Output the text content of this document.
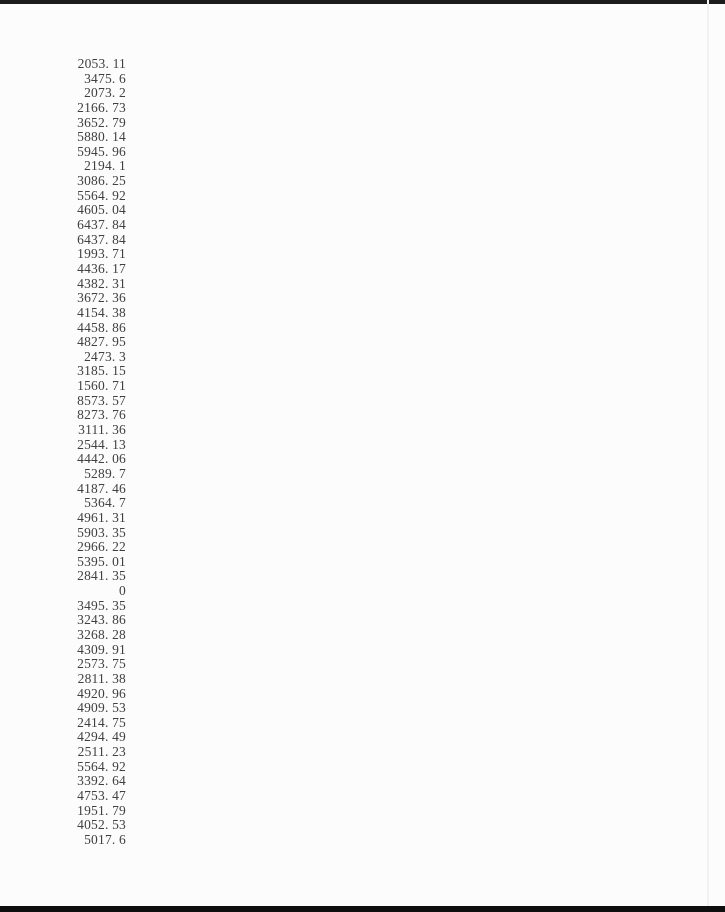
2053. 11
3475. 6
2073. 2
2166. 73
3652. 79
5880. 14
5945. 96
2194. 1
3086. 25
5564. 92
4605. 04
6437. 84
6437. 84
1993. 71
4436. 17
4382. 31
3672. 36
4154. 38
4458. 86
4827. 95
2473. 3
3185. 15
1560. 71
8573. 57
8273. 76
3111. 36
2544. 13
4442. 06
5289. 7
4187. 46
5364. 7
4961. 31
5903. 35
2966. 22
5395. 01
2841. 35
0
3495. 35
3243. 86
3268. 28
4309. 91
2573. 75
2811. 38
4920. 96
4909. 53
2414. 75
4294. 49
2511. 23
5564. 92
3392. 64
4753. 47
1951. 79
4052. 53
5017. 6
